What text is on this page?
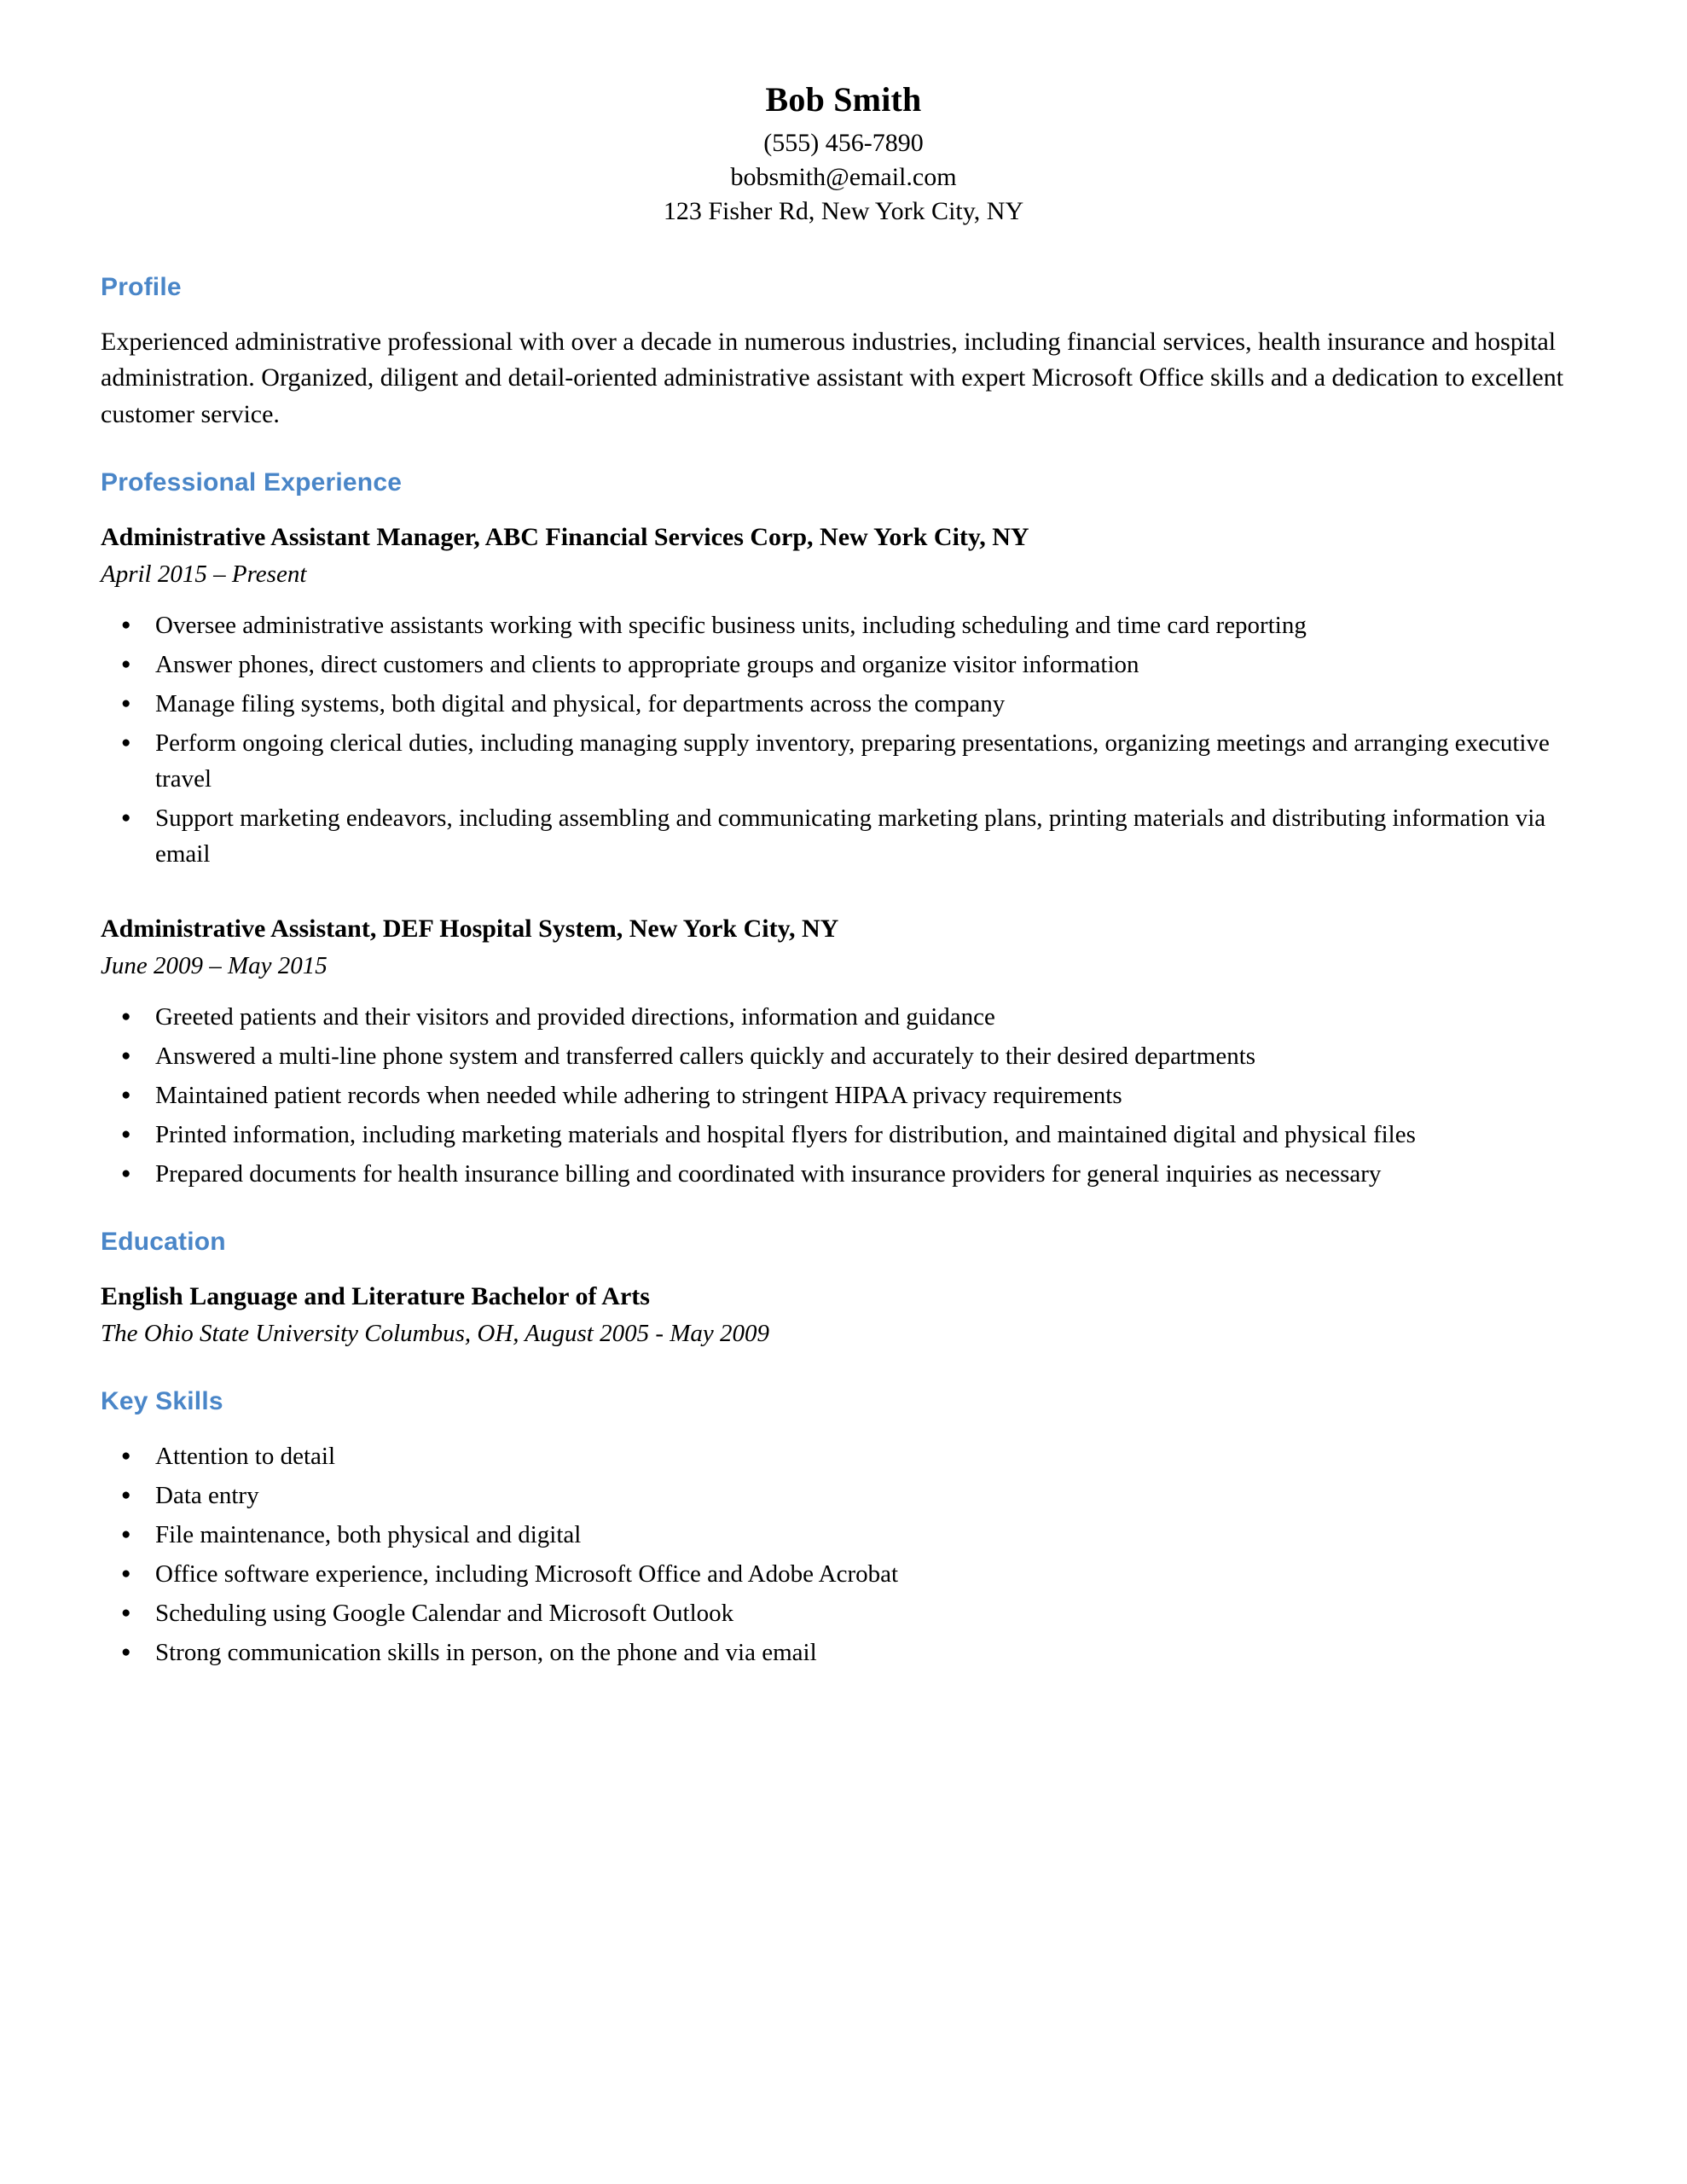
Bob Smith
(555) 456-7890
bobsmith@email.com
123 Fisher Rd, New York City, NY
Profile
Experienced administrative professional with over a decade in numerous industries, including financial services, health insurance and hospital administration. Organized, diligent and detail-oriented administrative assistant with expert Microsoft Office skills and a dedication to excellent customer service.
Professional Experience
Administrative Assistant Manager, ABC Financial Services Corp, New York City, NY
April 2015 – Present
● Oversee administrative assistants working with specific business units, including scheduling and time card reporting
● Answer phones, direct customers and clients to appropriate groups and organize visitor information
● Manage filing systems, both digital and physical, for departments across the company
● Perform ongoing clerical duties, including managing supply inventory, preparing presentations, organizing meetings and arranging executive travel
● Support marketing endeavors, including assembling and communicating marketing plans, printing materials and distributing information via email
Administrative Assistant, DEF Hospital System, New York City, NY
June 2009 – May 2015
● Greeted patients and their visitors and provided directions, information and guidance
● Answered a multi-line phone system and transferred callers quickly and accurately to their desired departments
● Maintained patient records when needed while adhering to stringent HIPAA privacy requirements
● Printed information, including marketing materials and hospital flyers for distribution, and maintained digital and physical files
● Prepared documents for health insurance billing and coordinated with insurance providers for general inquiries as necessary
Education
English Language and Literature Bachelor of Arts
The Ohio State University Columbus, OH, August 2005 - May 2009
Key Skills
● Attention to detail
● Data entry
● File maintenance, both physical and digital
● Office software experience, including Microsoft Office and Adobe Acrobat
● Scheduling using Google Calendar and Microsoft Outlook
● Strong communication skills in person, on the phone and via email
